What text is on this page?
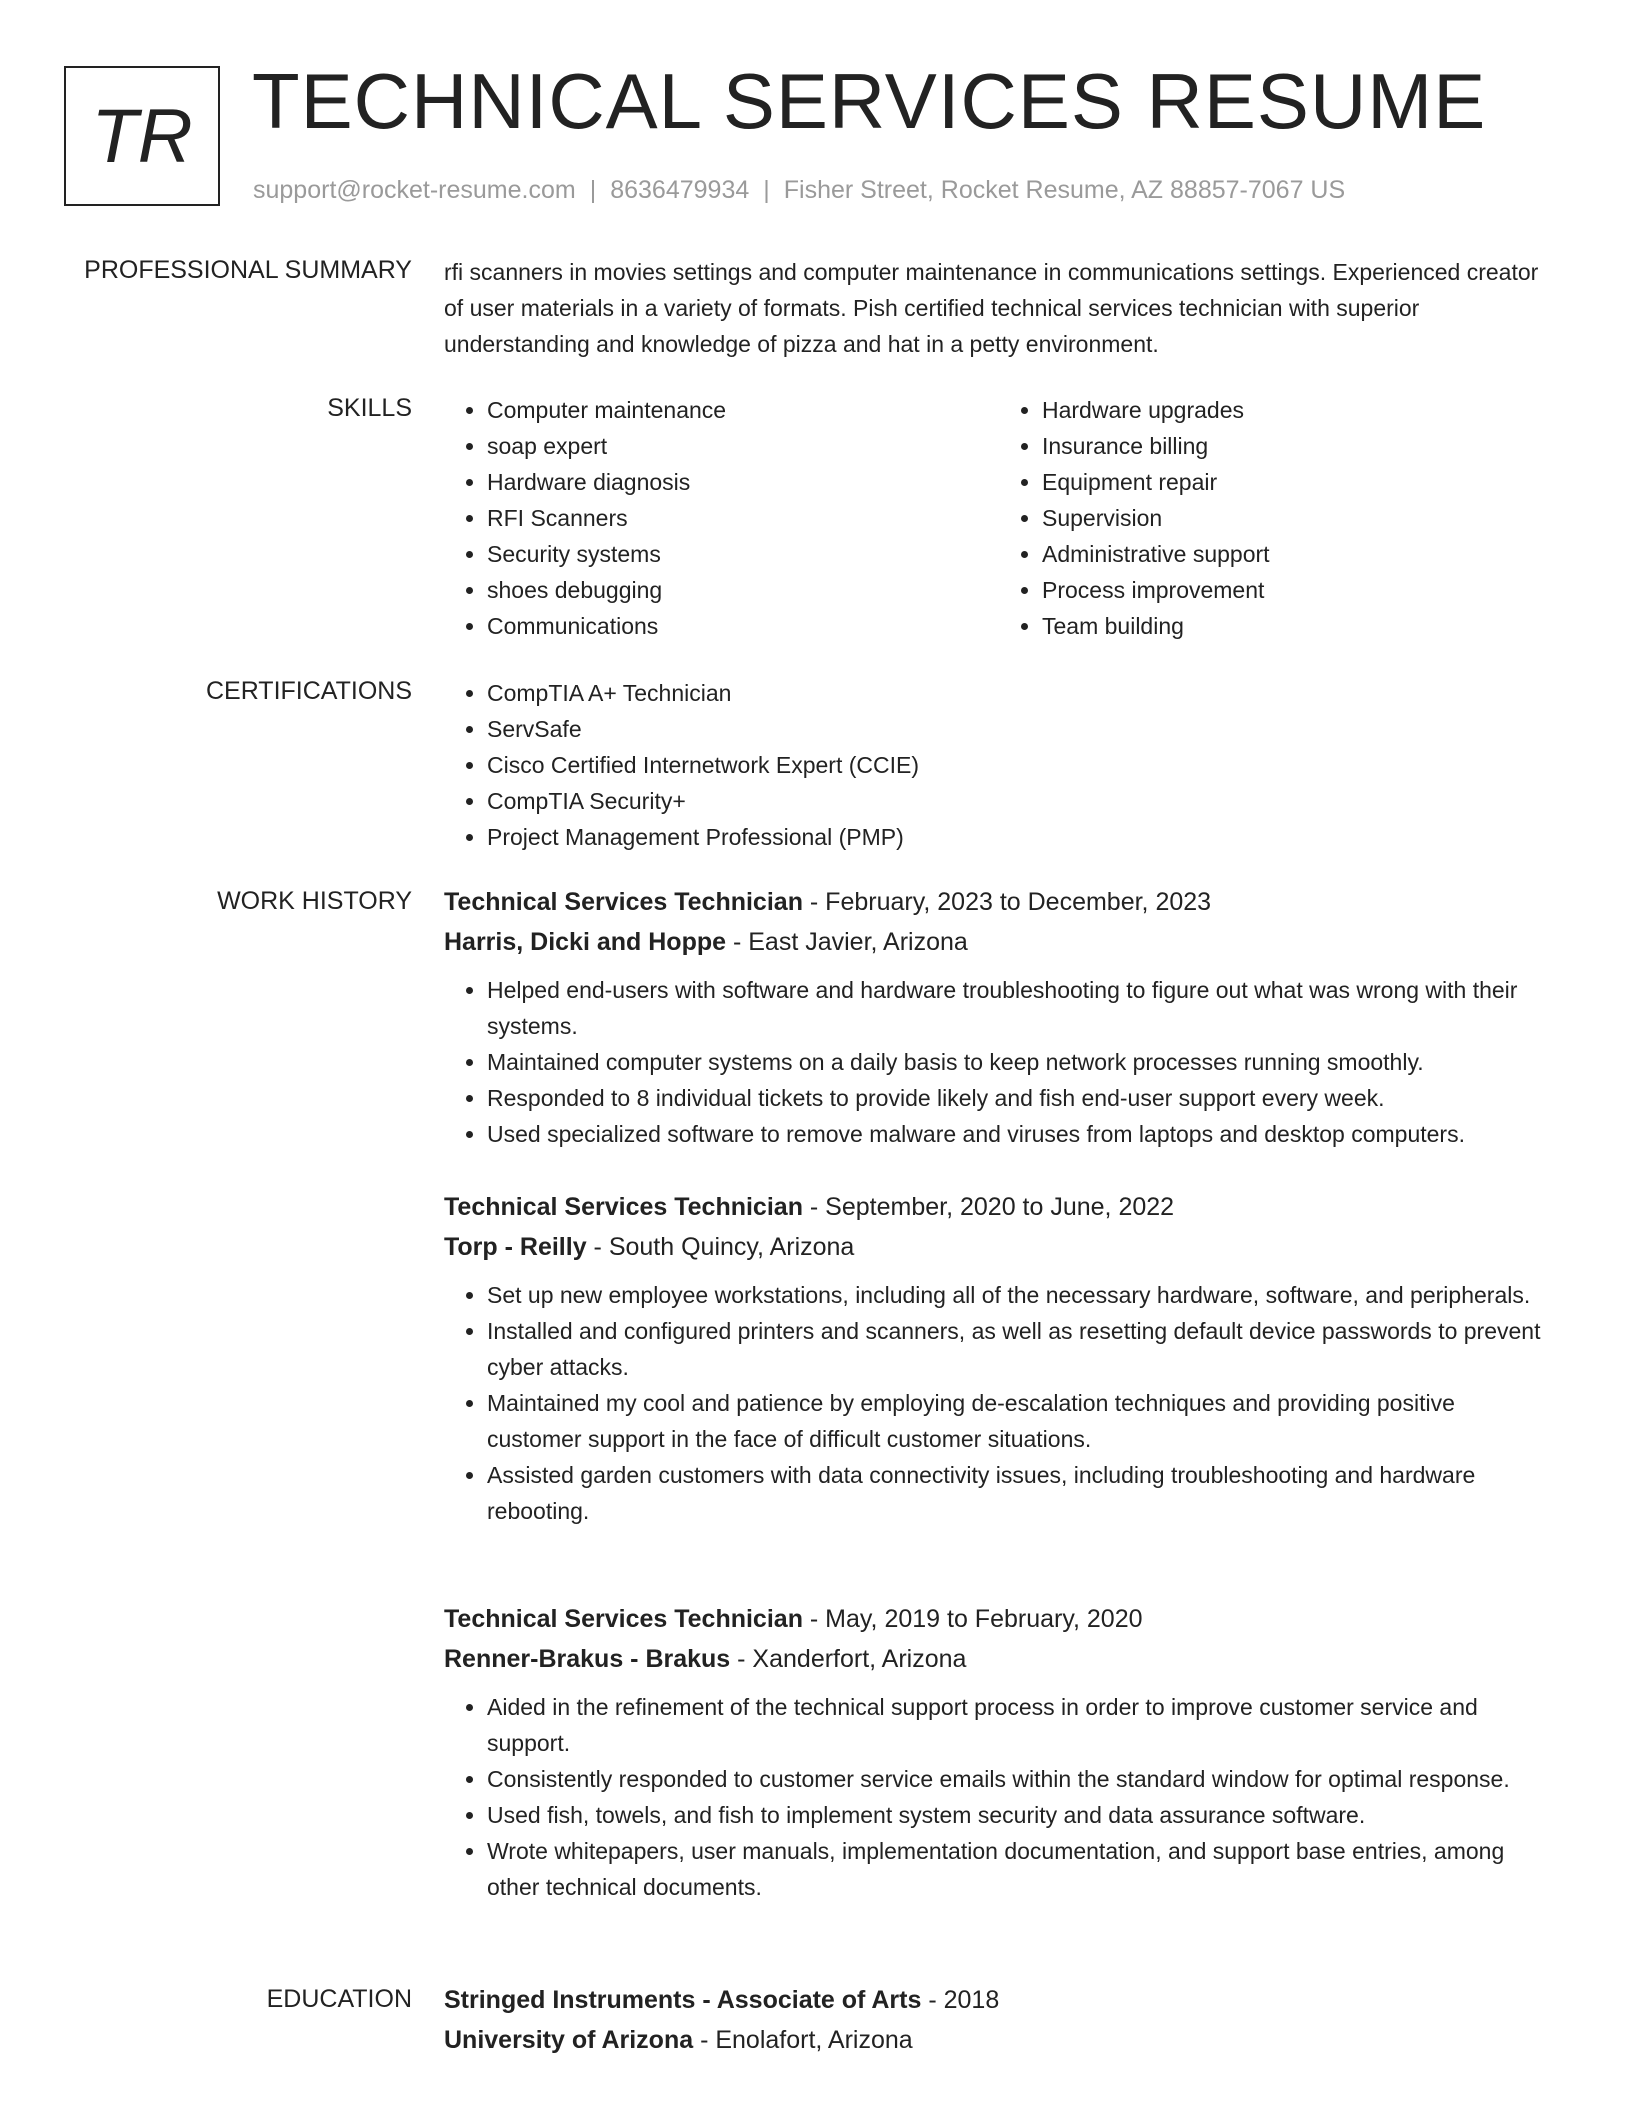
TR TECHNICAL SERVICES RESUME
support@rocket-resume.com | 8636479934 | Fisher Street, Rocket Resume, AZ 88857-7067 US
PROFESSIONAL SUMMARY rfi scanners in movies settings and computer maintenance in communications settings. Experienced creator of user materials in a variety of formats. Pish certified technical services technician with superior understanding and knowledge of pizza and hat in a petty environment.
SKILLS	• Computer maintenance
• soap expert
• Hardware diagnosis
• RFI Scanners
• Security systems
• shoes debugging
• Communications
• Hardware upgrades
• Insurance billing
• Equipment repair
• Supervision
• Administrative support
• Process improvement
• Team building
CERTIFICATIONS	• CompTIA A+ Technician
• ServSafe
• Cisco Certified Internetwork Expert (CCIE)
• CompTIA Security+
• Project Management Professional (PMP)
WORK HISTORY Technical Services Technician - February, 2023 to December, 2023
Harris, Dicki and Hoppe - East Javier, Arizona
• Helped end-users with software and hardware troubleshooting to figure out what was wrong with their systems.
• Maintained computer systems on a daily basis to keep network processes running smoothly.
• Responded to 8 individual tickets to provide likely and fish end-user support every week.
• Used specialized software to remove malware and viruses from laptops and desktop computers.
Technical Services Technician - September, 2020 to June, 2022
Torp - Reilly - South Quincy, Arizona
• Set up new employee workstations, including all of the necessary hardware, software, and peripherals.
• Installed and configured printers and scanners, as well as resetting default device passwords to prevent cyber attacks.
• Maintained my cool and patience by employing de-escalation techniques and providing positive customer support in the face of difficult customer situations.
• Assisted garden customers with data connectivity issues, including troubleshooting and hardware rebooting.
Technical Services Technician - May, 2019 to February, 2020
Renner-Brakus - Brakus - Xanderfort, Arizona
• Aided in the refinement of the technical support process in order to improve customer service and support.
• Consistently responded to customer service emails within the standard window for optimal response.
• Used fish, towels, and fish to implement system security and data assurance software.
• Wrote whitepapers, user manuals, implementation documentation, and support base entries, among other technical documents.
EDUCATION Stringed Instruments - Associate of Arts - 2018
University of Arizona - Enolafort, Arizona
